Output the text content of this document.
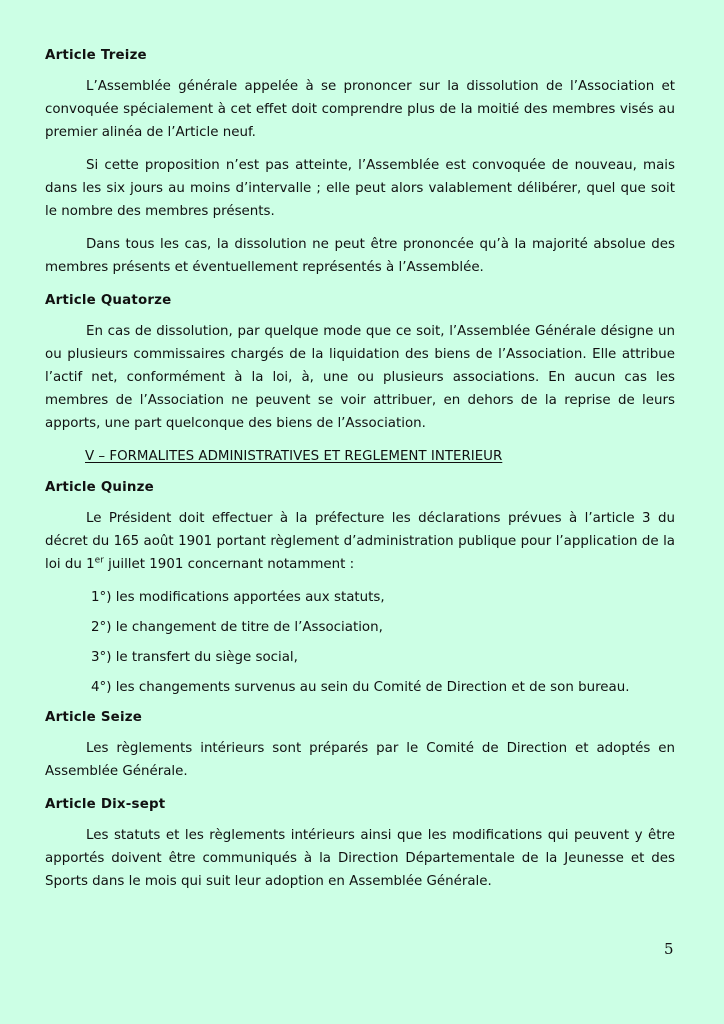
Article Treize

L’Assemblée générale appelée à se prononcer sur la dissolution de l’Association et convoquée spécialement à cet effet doit comprendre plus de la moitié des membres visés au premier alinéa de l’Article neuf.

Si cette proposition n’est pas atteinte, l’Assemblée est convoquée de nouveau, mais dans les six jours au moins d’intervalle ; elle peut alors valablement délibérer, quel que soit le nombre des membres présents.

Dans tous les cas, la dissolution ne peut être prononcée qu’à la majorité absolue des membres présents et éventuellement représentés à l’Assemblée.

Article Quatorze

En cas de dissolution, par quelque mode que ce soit, l’Assemblée Générale désigne un ou plusieurs commissaires chargés de la liquidation des biens de l’Association. Elle attribue l’actif net, conformément à la loi, à, une ou plusieurs associations. En aucun cas les membres de l’Association ne peuvent se voir attribuer, en dehors de la reprise de leurs apports, une part quelconque des biens de l’Association.

V – FORMALITES ADMINISTRATIVES ET REGLEMENT INTERIEUR
Article Quinze

Le Président doit effectuer à la préfecture les déclarations prévues à l’article 3 du décret du 165 août 1901 portant règlement d’administration publique pour l’application de la loi du 1er juillet 1901 concernant notamment :

1°) les modifications apportées aux statuts,
2°) le changement de titre de l’Association,
3°) le transfert du siège social,
4°) les changements survenus au sein du Comité de Direction et de son bureau.
Article Seize

Les règlements intérieurs sont préparés par le Comité de Direction et adoptés en Assemblée Générale.

Article Dix-sept

Les statuts et les règlements intérieurs ainsi que les modifications qui peuvent y être apportés doivent être communiqués à la Direction Départementale de la Jeunesse et des Sports dans le mois qui suit leur adoption en Assemblée Générale.

5
